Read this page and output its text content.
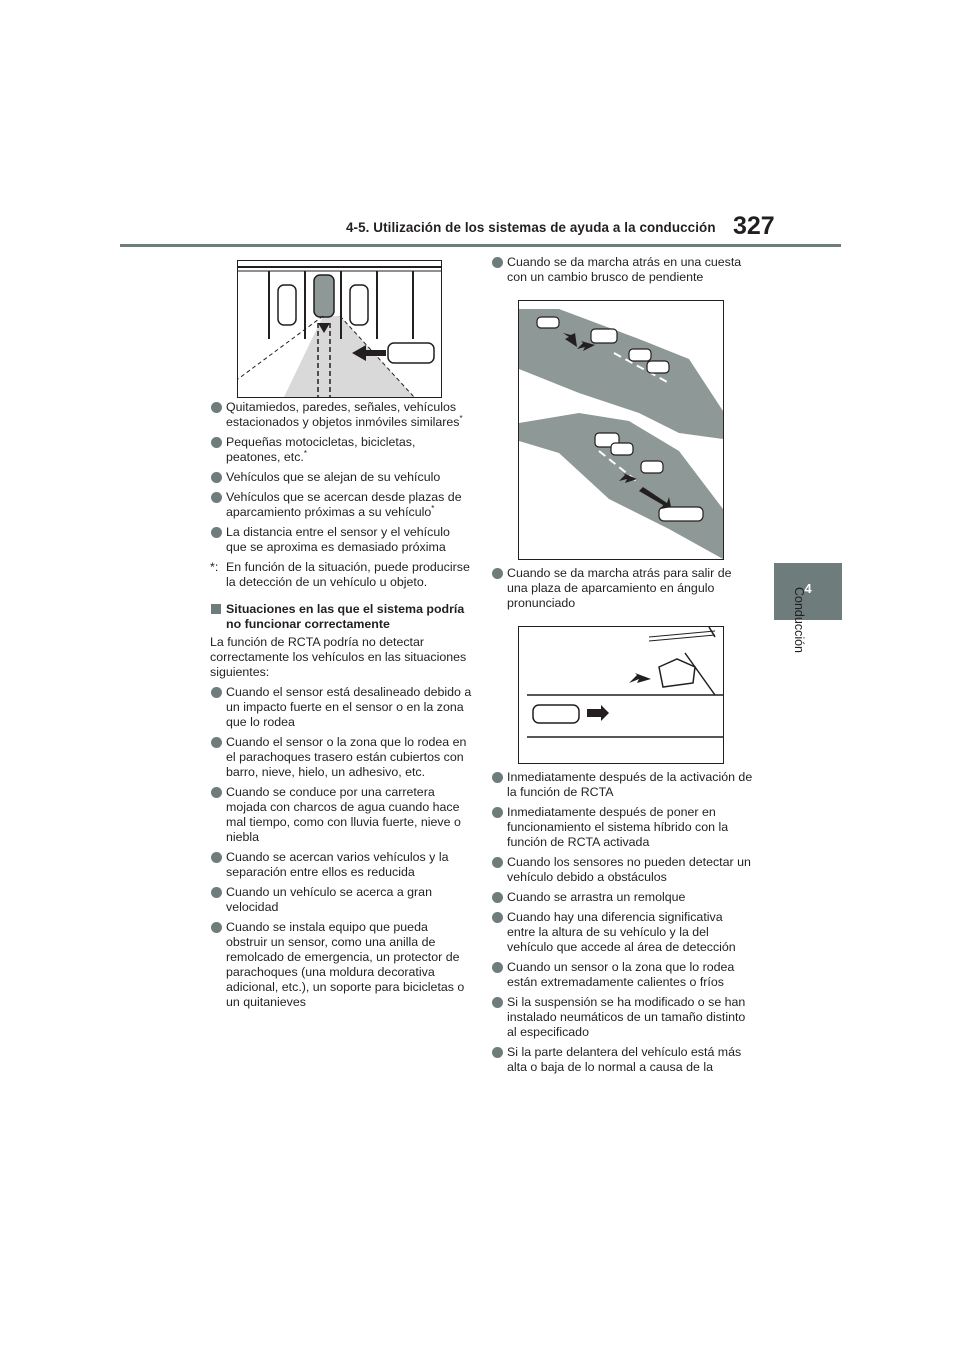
4-5. Utilización de los sistemas de ayuda a la conducción 327
4
Conducción
Quitamiedos, paredes, señales, vehículos estacionados y objetos inmóviles similares*
Pequeñas motocicletas, bicicletas, peatones, etc.*
Vehículos que se alejan de su vehículo
Vehículos que se acercan desde plazas de aparcamiento próximas a su vehículo*
La distancia entre el sensor y el vehículo que se aproxima es demasiado próxima
*: En función de la situación, puede producirse la detección de un vehículo u objeto.
Situaciones en las que el sistema podría no funcionar correctamente
La función de RCTA podría no detectar correctamente los vehículos en las situaciones siguientes:
Cuando el sensor está desalineado debido a un impacto fuerte en el sensor o en la zona que lo rodea
Cuando el sensor o la zona que lo rodea en el parachoques trasero están cubiertos con barro, nieve, hielo, un adhesivo, etc.
Cuando se conduce por una carretera mojada con charcos de agua cuando hace mal tiempo, como con lluvia fuerte, nieve o niebla
Cuando se acercan varios vehículos y la separación entre ellos es reducida
Cuando un vehículo se acerca a gran velocidad
Cuando se instala equipo que pueda obstruir un sensor, como una anilla de remolcado de emergencia, un protector de parachoques (una moldura decorativa adicional, etc.), un soporte para bicicletas o un quitanieves
Cuando se da marcha atrás en una cuesta con un cambio brusco de pendiente
Cuando se da marcha atrás para salir de una plaza de aparcamiento en ángulo pronunciado
Inmediatamente después de la activación de la función de RCTA
Inmediatamente después de poner en funcionamiento el sistema híbrido con la función de RCTA activada
Cuando los sensores no pueden detectar un vehículo debido a obstáculos
Cuando se arrastra un remolque
Cuando hay una diferencia significativa entre la altura de su vehículo y la del vehículo que accede al área de detección
Cuando un sensor o la zona que lo rodea están extremadamente calientes o fríos
Si la suspensión se ha modificado o se han instalado neumáticos de un tamaño distinto al especificado
Si la parte delantera del vehículo está más alta o baja de lo normal a causa de la
